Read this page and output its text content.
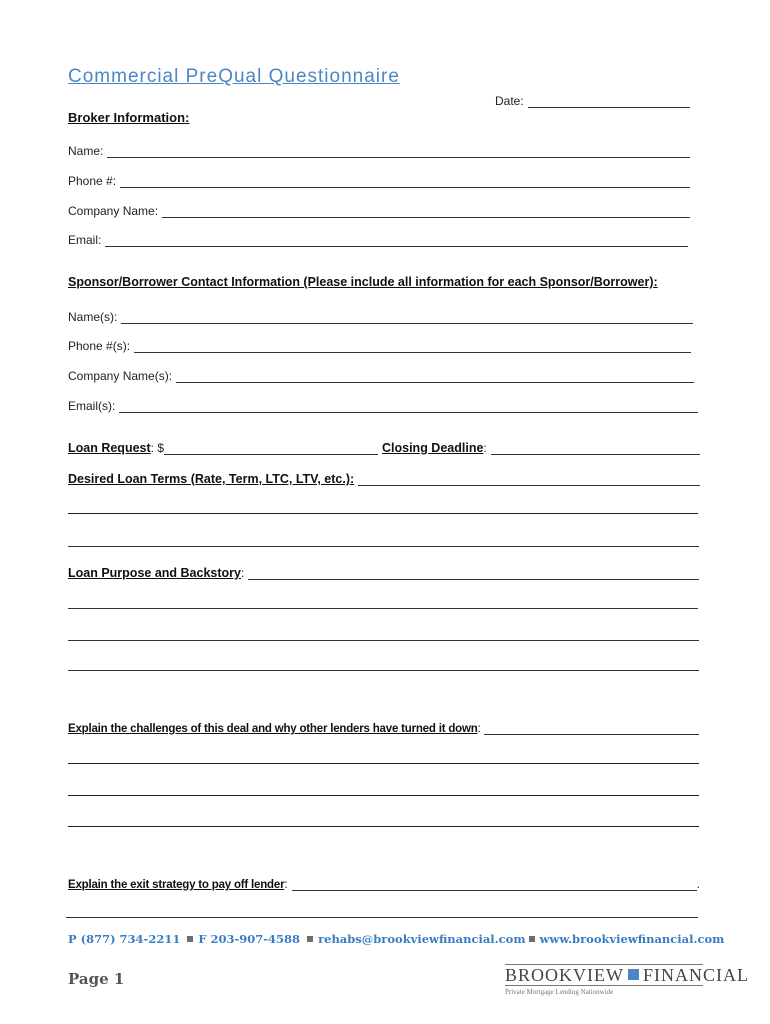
Commercial PreQual Questionnaire
Date:
Broker Information:
Name:
Phone #:
Company Name:
Email:
Sponsor/Borrower Contact Information (Please include all information for each Sponsor/Borrower):
Name(s):
Phone #(s):
Company Name(s):
Email(s):
Loan Request: $	Closing Deadline:
Desired Loan Terms (Rate, Term, LTC, LTV, etc.):
Loan Purpose and Backstory:
Explain the challenges of this deal and why other lenders have turned it down:
Explain the exit strategy to pay off lender:	.
P (877) 734-2211 F 203-907-4588 rehabs@brookviewfinancial.com www.brookviewfinancial.com
Page 1	BROOKVIEW FINANCIAL
Private Mortgage Lending Nationwide
